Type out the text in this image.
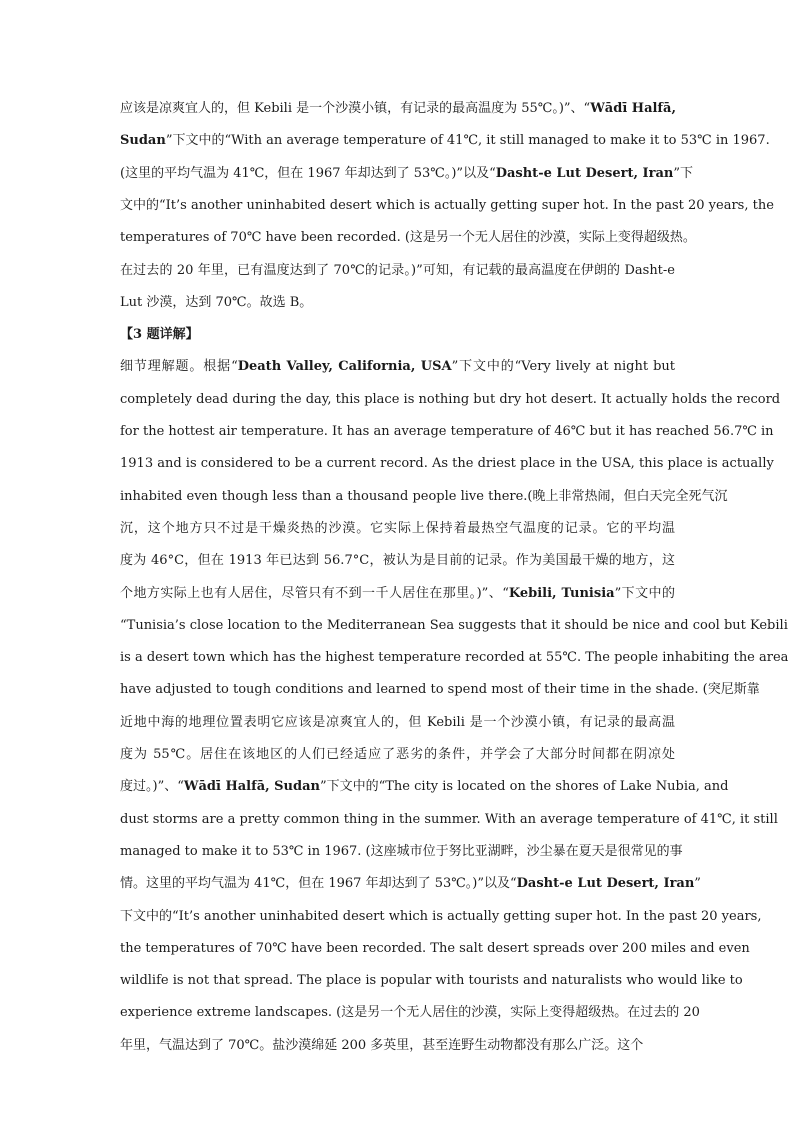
应该是凉爽宜人的，但 Kebili 是一个沙漠小镇，有记录的最高温度为 55℃。)”、“Wādī Halfā,
Sudan”下文中的“With an average temperature of 41℃, it still managed to make it to 53℃ in 1967.
(这里的平均气温为 41℃，但在 1967 年却达到了 53℃。)”以及“Dasht-e Lut Desert, Iran”下
文中的“It’s another uninhabited desert which is actually getting super hot. In the past 20 years, the
temperatures of 70℃ have been recorded. (这是另一个无人居住的沙漠，实际上变得超级热。
在过去的 20 年里，已有温度达到了 70℃的记录。)”可知，有记载的最高温度在伊朗的 Dasht-e
Lut 沙漠，达到 70℃。故选 B。
【3 题详解】
细节理解题。根据“Death Valley, California, USA”下文中的“Very lively at night but
completely dead during the day, this place is nothing but dry hot desert. It actually holds the record
for the hottest air temperature. It has an average temperature of 46℃ but it has reached 56.7℃ in
1913 and is considered to be a current record. As the driest place in the USA, this place is actually
inhabited even though less than a thousand people live there.(晚上非常热闹，但白天完全死气沉
沉，这个地方只不过是干燥炎热的沙漠。它实际上保持着最热空气温度的记录。它的平均温
度为 46°C，但在 1913 年已达到 56.7°C，被认为是目前的记录。作为美国最干燥的地方，这
个地方实际上也有人居住，尽管只有不到一千人居住在那里。)”、“Kebili, Tunisia”下文中的
“Tunisia’s close location to the Mediterranean Sea suggests that it should be nice and cool but Kebili
is a desert town which has the highest temperature recorded at 55℃. The people inhabiting the area
have adjusted to tough conditions and learned to spend most of their time in the shade. (突尼斯靠
近地中海的地理位置表明它应该是凉爽宜人的，但 Kebili 是一个沙漠小镇，有记录的最高温
度为 55℃。居住在该地区的人们已经适应了恶劣的条件，并学会了大部分时间都在阴凉处
度过。)”、“Wādī Halfā, Sudan”下文中的“The city is located on the shores of Lake Nubia, and
dust storms are a pretty common thing in the summer. With an average temperature of 41℃, it still
managed to make it to 53℃ in 1967. (这座城市位于努比亚湖畔，沙尘暴在夏天是很常见的事
情。这里的平均气温为 41℃，但在 1967 年却达到了 53℃。)”以及“Dasht-e Lut Desert, Iran”
下文中的“It’s another uninhabited desert which is actually getting super hot. In the past 20 years,
the temperatures of 70℃ have been recorded. The salt desert spreads over 200 miles and even
wildlife is not that spread. The place is popular with tourists and naturalists who would like to
experience extreme landscapes. (这是另一个无人居住的沙漠，实际上变得超级热。在过去的 20
年里，气温达到了 70℃。盐沙漠绵延 200 多英里，甚至连野生动物都没有那么广泛。这个
